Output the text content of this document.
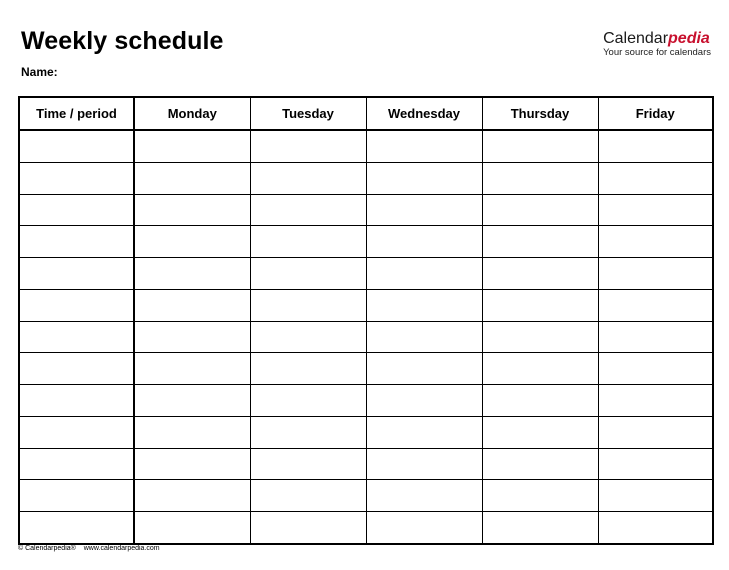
Weekly schedule
Name:
Calendarpedia
Your source for calendars
Time / period	Monday	Tuesday	Wednesday	Thursday	Friday

© Calendarpedia® www.calendarpedia.com
